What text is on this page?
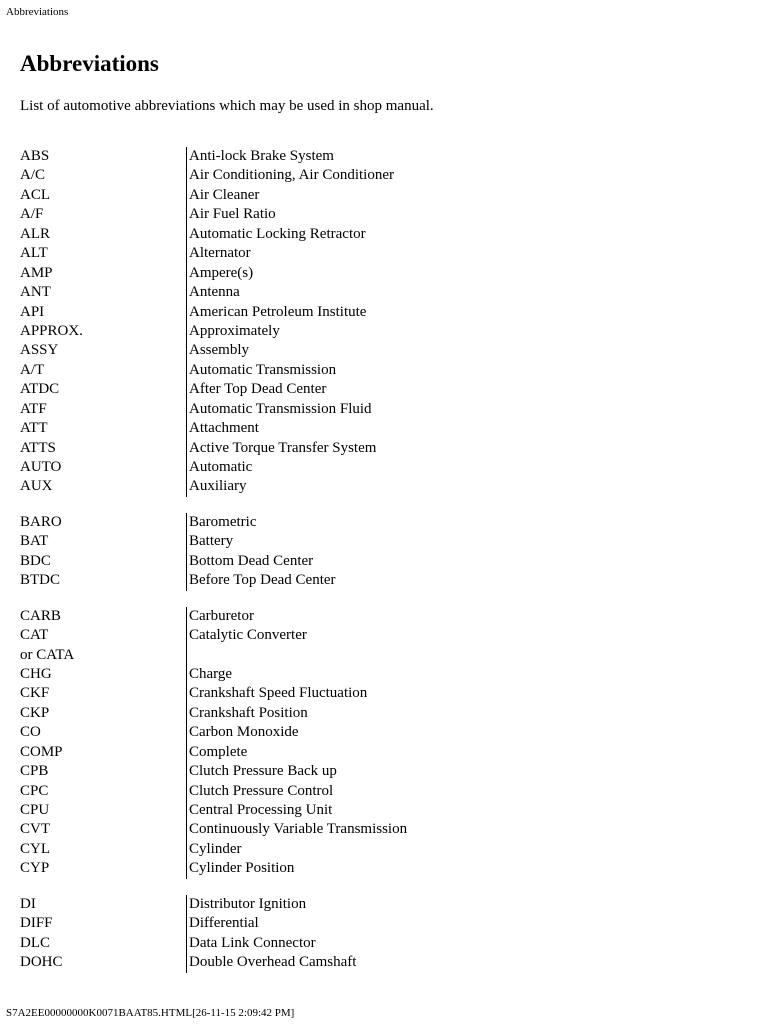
Abbreviations
Abbreviations

List of automotive abbreviations which may be used in shop manual.

ABS	Anti-lock Brake System
A/C	Air Conditioning, Air Conditioner
ACL	Air Cleaner
A/F	Air Fuel Ratio
ALR	Automatic Locking Retractor
ALT	Alternator
AMP	Ampere(s)
ANT	Antenna
API	American Petroleum Institute
APPROX.	Approximately
ASSY	Assembly
A/T	Automatic Transmission
ATDC	After Top Dead Center
ATF	Automatic Transmission Fluid
ATT	Attachment
ATTS	Active Torque Transfer System
AUTO	Automatic
AUX	Auxiliary
BARO	Barometric
BAT	Battery
BDC	Bottom Dead Center
BTDC	Before Top Dead Center
CARB	Carburetor
CAT	Catalytic Converter
or CATA
CHG	Charge
CKF	Crankshaft Speed Fluctuation
CKP	Crankshaft Position
CO	Carbon Monoxide
COMP	Complete
CPB	Clutch Pressure Back up
CPC	Clutch Pressure Control
CPU	Central Processing Unit
CVT	Continuously Variable Transmission
CYL	Cylinder
CYP	Cylinder Position
DI	Distributor Ignition
DIFF	Differential
DLC	Data Link Connector
DOHC	Double Overhead Camshaft
S7A2EE00000000K0071BAAT85.HTML[26-11-15 2:09:42 PM]
